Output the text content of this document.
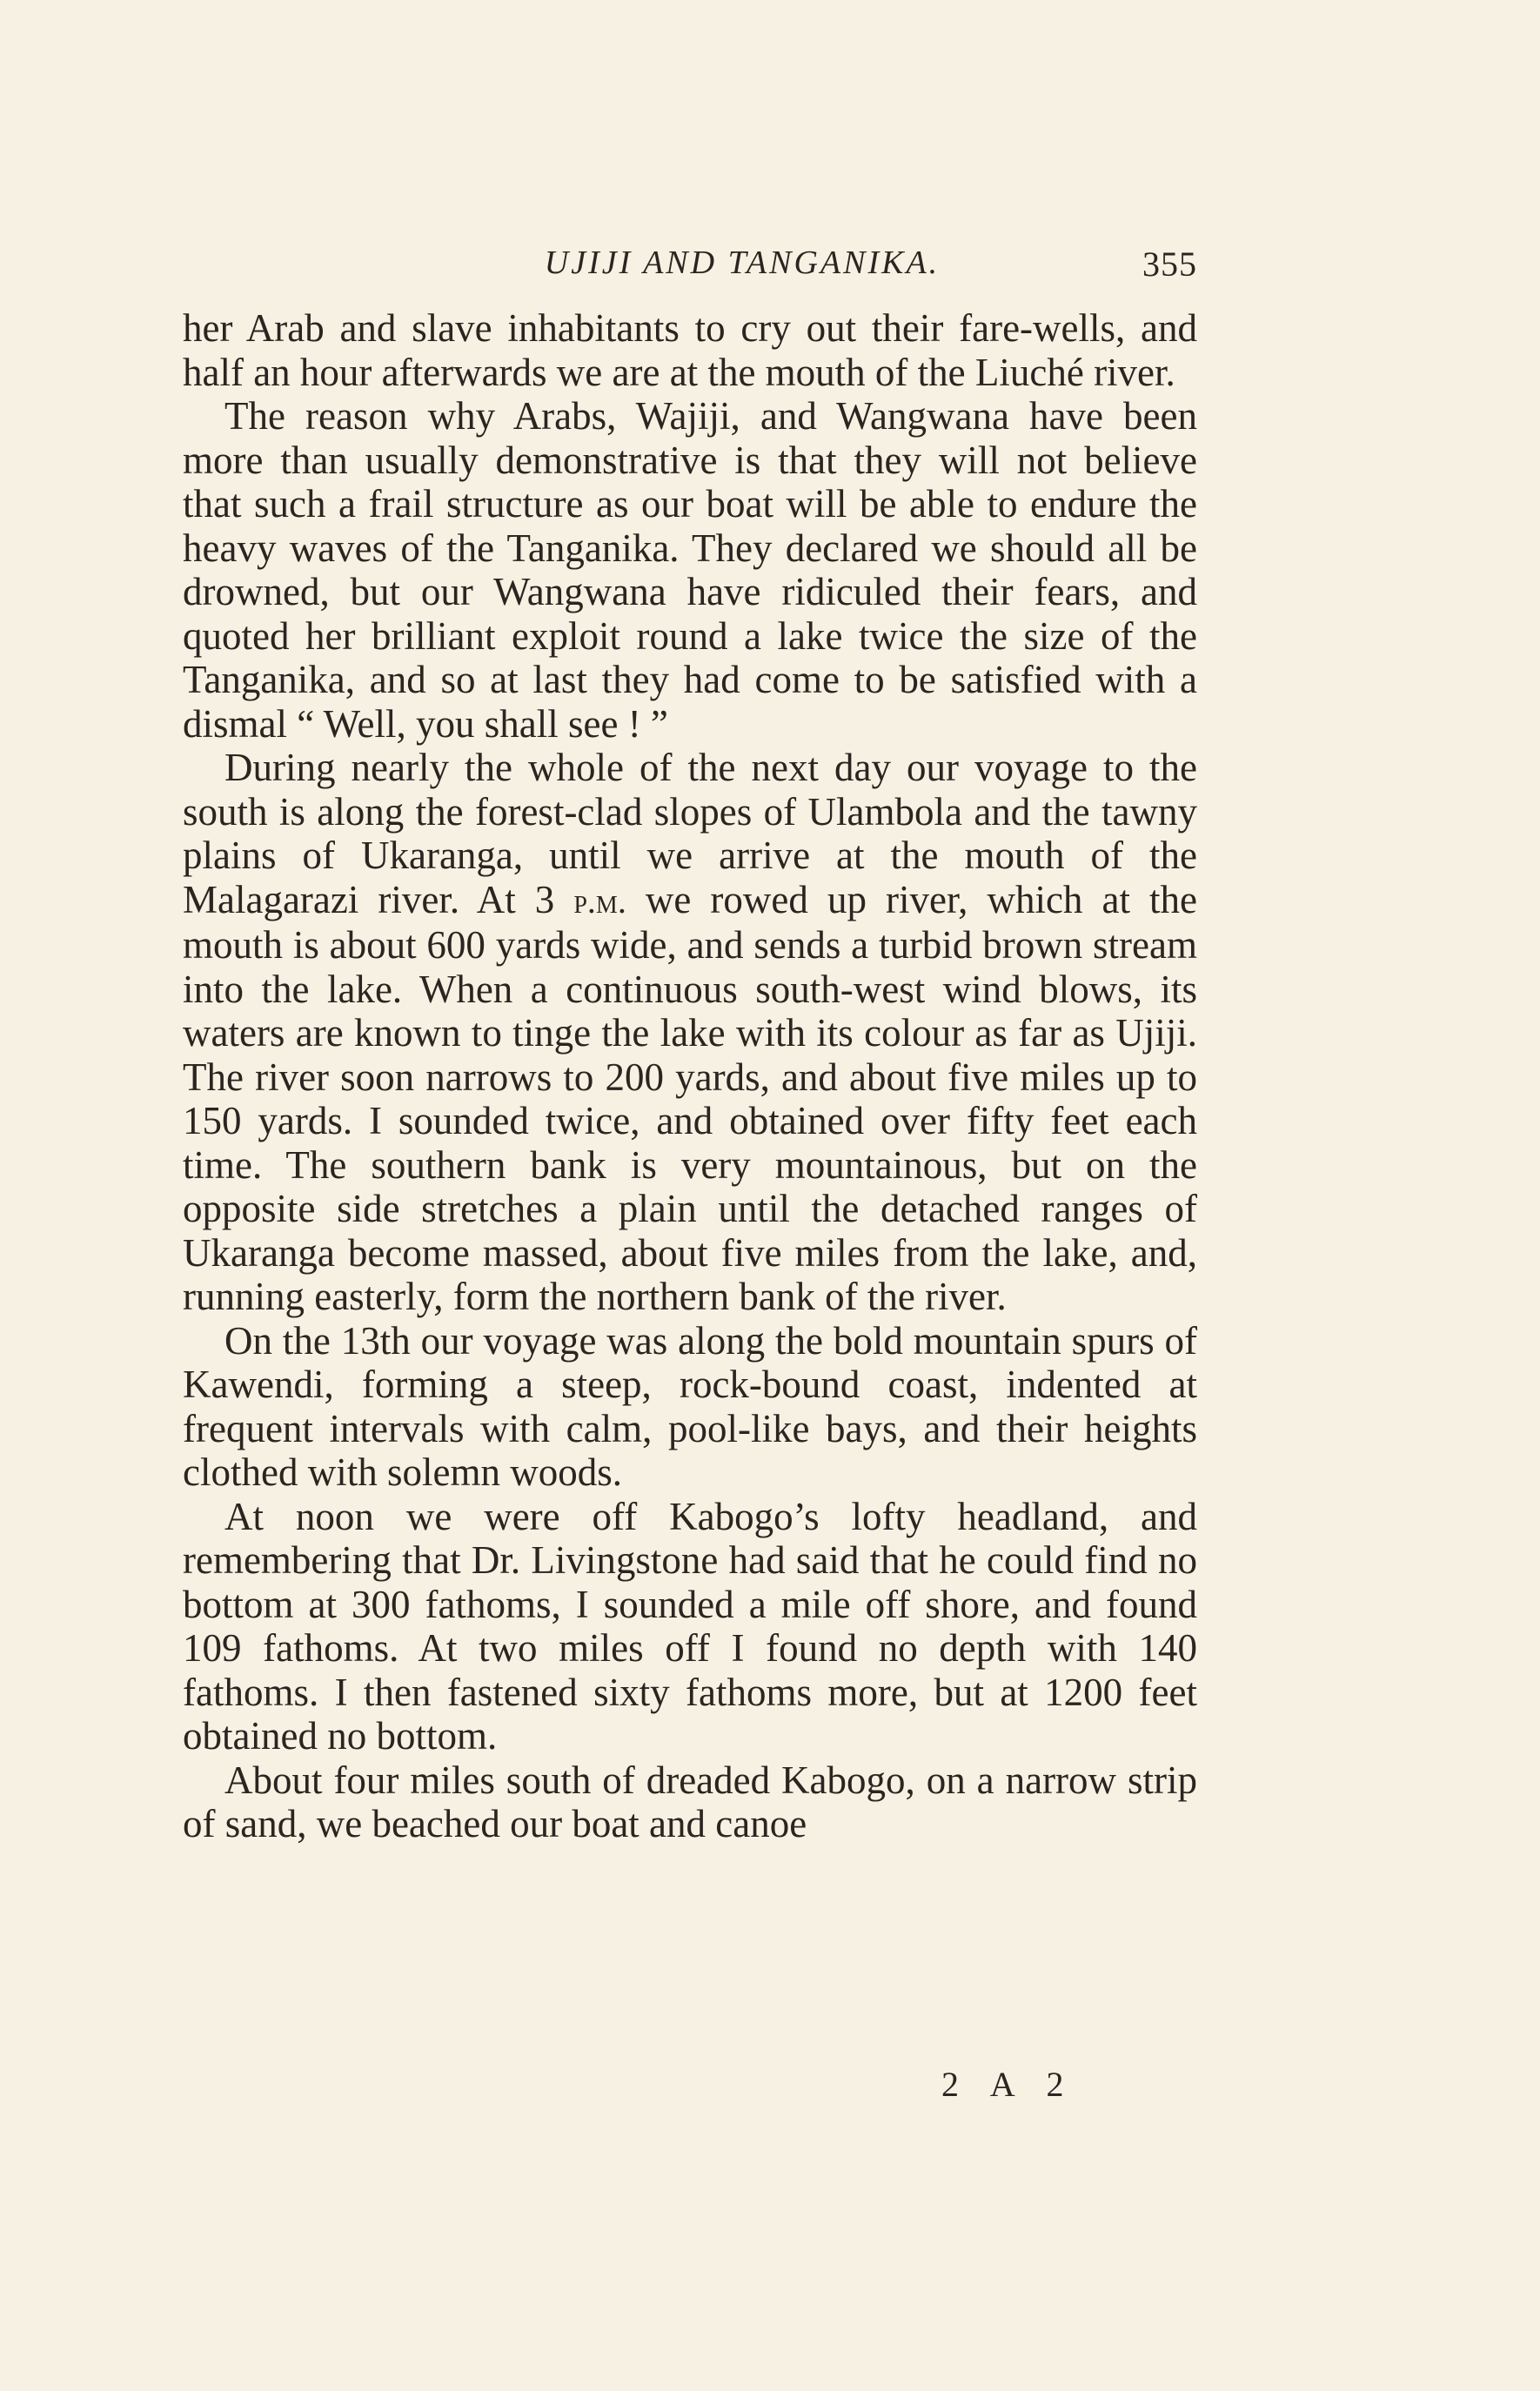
UJIJI AND TANGANIKA.	355

her Arab and slave inhabitants to cry out their fare-wells, and half an hour afterwards we are at the mouth of the Liuché river.

The reason why Arabs, Wajiji, and Wangwana have been more than usually demonstrative is that they will not believe that such a frail structure as our boat will be able to endure the heavy waves of the Tanganika. They declared we should all be drowned, but our Wangwana have ridiculed their fears, and quoted her brilliant exploit round a lake twice the size of the Tanganika, and so at last they had come to be satisfied with a dismal “ Well, you shall see ! ”

During nearly the whole of the next day our voyage to the south is along the forest-clad slopes of Ulambola and the tawny plains of Ukaranga, until we arrive at the mouth of the Malagarazi river. At 3 p.m. we rowed up river, which at the mouth is about 600 yards wide, and sends a turbid brown stream into the lake. When a continuous south-west wind blows, its waters are known to tinge the lake with its colour as far as Ujiji. The river soon narrows to 200 yards, and about five miles up to 150 yards. I sounded twice, and obtained over fifty feet each time. The southern bank is very mountainous, but on the opposite side stretches a plain until the detached ranges of Ukaranga become massed, about five miles from the lake, and, running easterly, form the northern bank of the river.

On the 13th our voyage was along the bold mountain spurs of Kawendi, forming a steep, rock-bound coast, indented at frequent intervals with calm, pool-like bays, and their heights clothed with solemn woods.

At noon we were off Kabogo’s lofty headland, and remembering that Dr. Livingstone had said that he could find no bottom at 300 fathoms, I sounded a mile off shore, and found 109 fathoms. At two miles off I found no depth with 140 fathoms. I then fastened sixty fathoms more, but at 1200 feet obtained no bottom.

About four miles south of dreaded Kabogo, on a narrow strip of sand, we beached our boat and canoe

2 A 2
